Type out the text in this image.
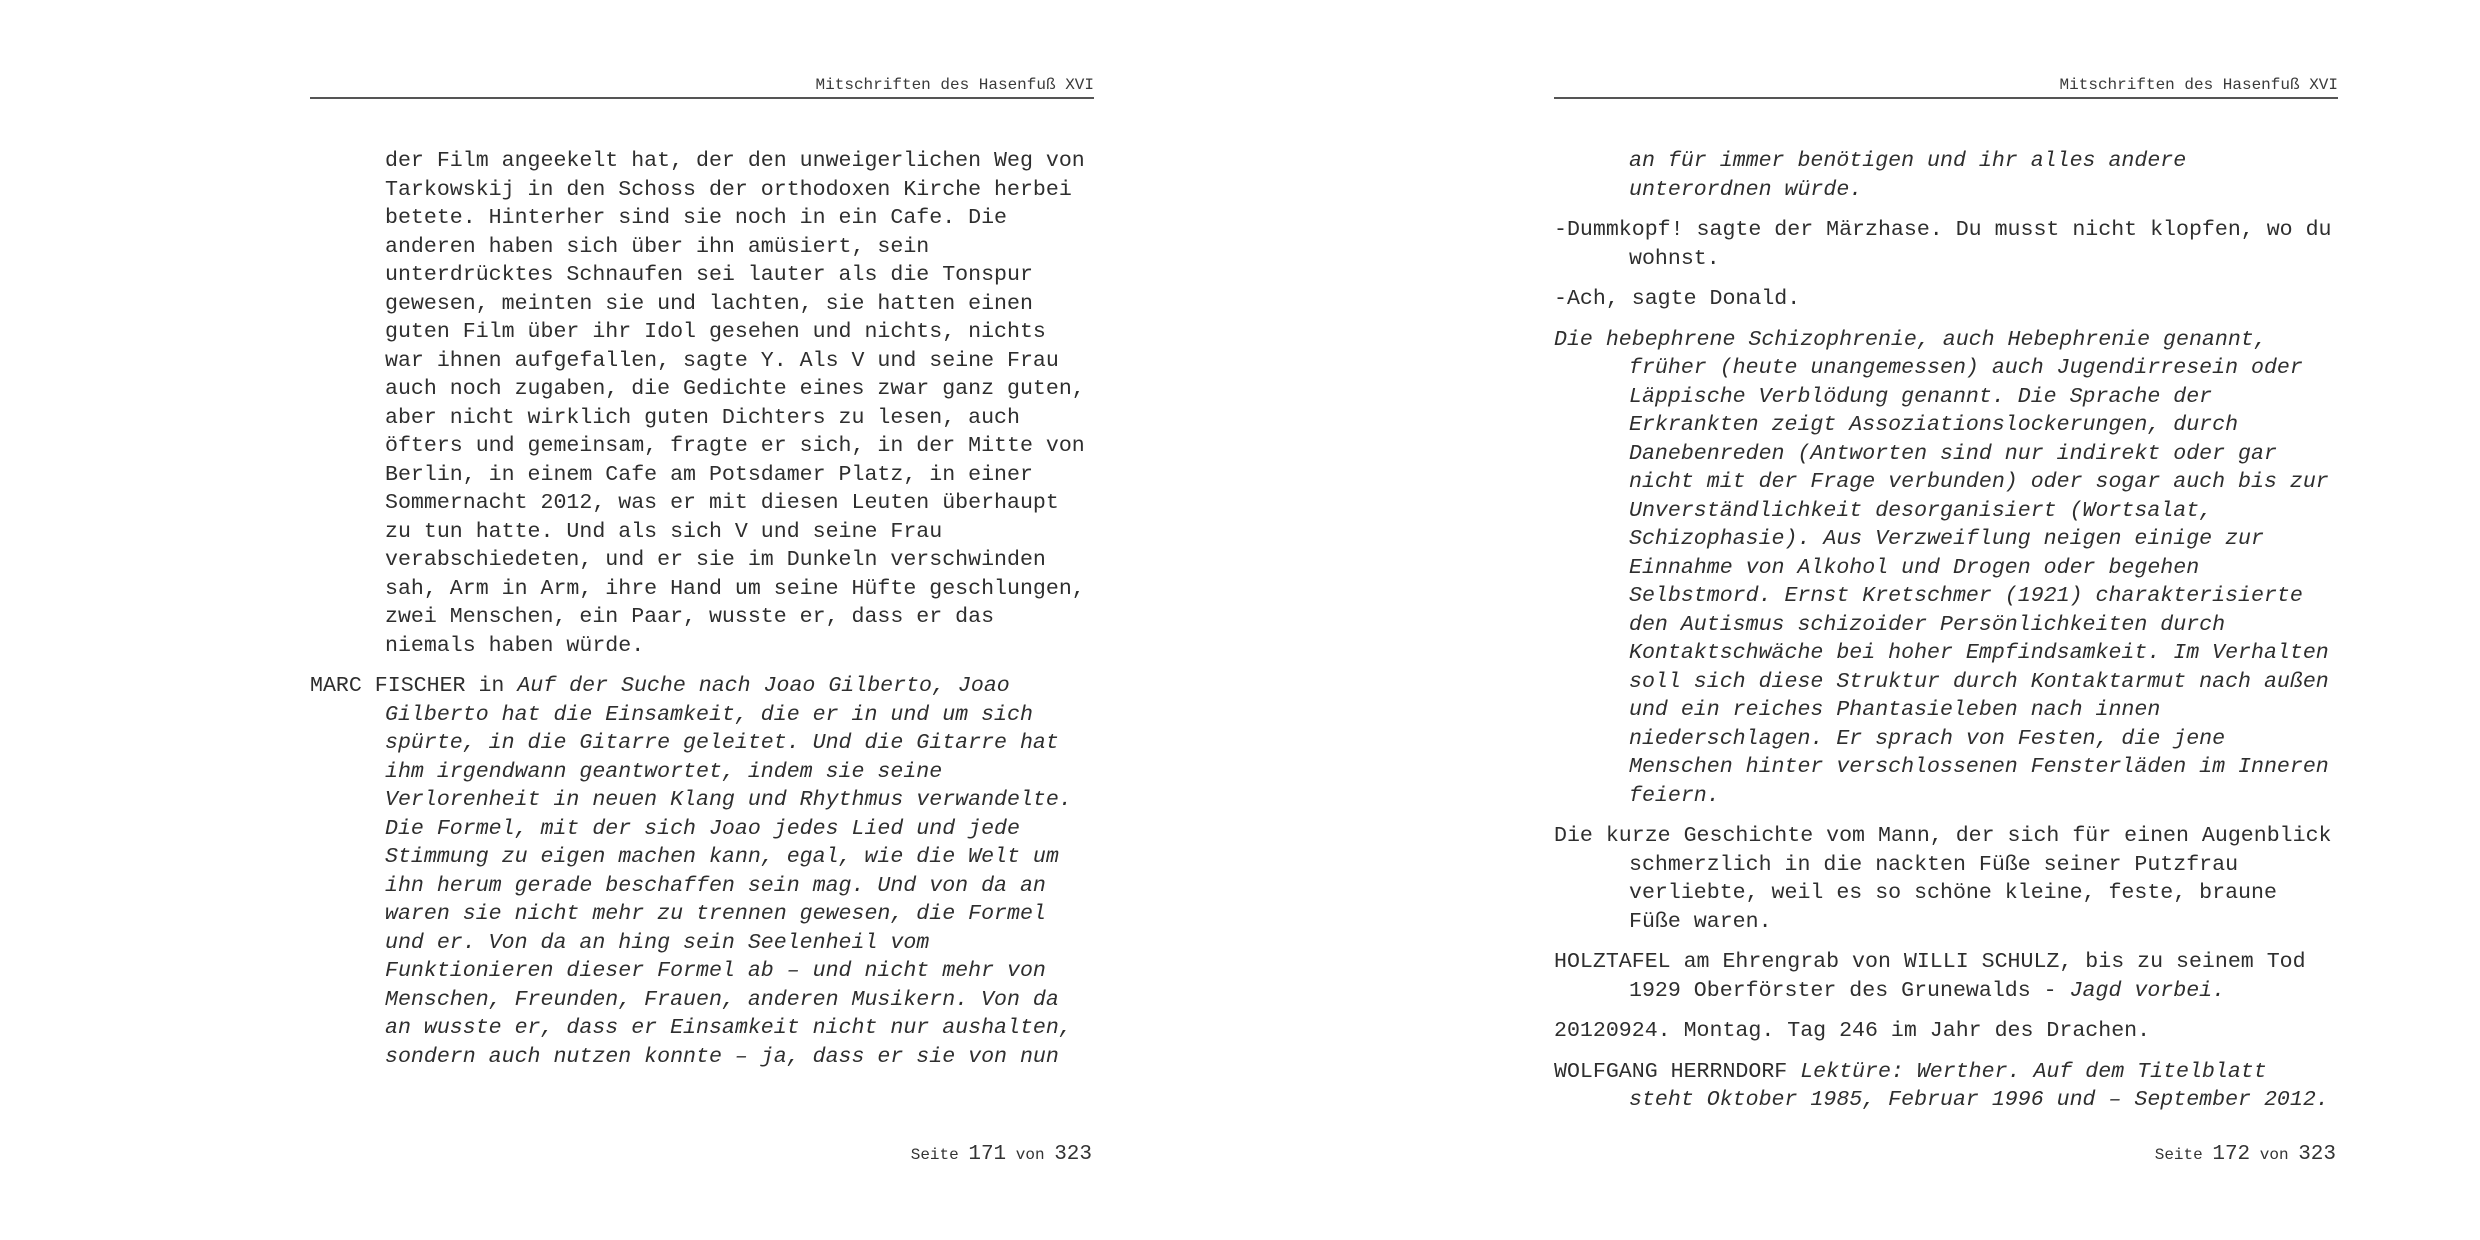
Mitschriften des Hasenfuß XVI

der Film angeekelt hat, der den unweigerlichen Weg von Tarkowskij in den Schoss der orthodoxen Kirche herbei betete. Hinterher sind sie noch in ein Cafe. Die anderen haben sich über ihn amüsiert, sein unterdrücktes Schnaufen sei lauter als die Tonspur gewesen, meinten sie und lachten, sie hatten einen guten Film über ihr Idol gesehen und nichts, nichts war ihnen aufgefallen, sagte Y. Als V und seine Frau auch noch zugaben, die Gedichte eines zwar ganz guten, aber nicht wirklich guten Dichters zu lesen, auch öfters und gemeinsam, fragte er sich, in der Mitte von Berlin, in einem Cafe am Potsdamer Platz, in einer Sommernacht 2012, was er mit diesen Leuten überhaupt zu tun hatte. Und als sich V und seine Frau verabschiedeten, und er sie im Dunkeln verschwinden sah, Arm in Arm, ihre Hand um seine Hüfte geschlungen, zwei Menschen, ein Paar, wusste er, dass er das niemals haben würde.

MARC FISCHER in Auf der Suche nach Joao Gilberto, Joao Gilberto hat die Einsamkeit, die er in und um sich spürte, in die Gitarre geleitet. Und die Gitarre hat ihm irgendwann geantwortet, indem sie seine Verlorenheit in neuen Klang und Rhythmus verwandelte. Die Formel, mit der sich Joao jedes Lied und jede Stimmung zu eigen machen kann, egal, wie die Welt um ihn herum gerade beschaffen sein mag. Und von da an waren sie nicht mehr zu trennen gewesen, die Formel und er. Von da an hing sein Seelenheil vom Funktionieren dieser Formel ab – und nicht mehr von Menschen, Freunden, Frauen, anderen Musikern. Von da an wusste er, dass er Einsamkeit nicht nur aushalten, sondern auch nutzen konnte – ja, dass er sie von nun

Seite 171 von 323
Mitschriften des Hasenfuß XVI

an für immer benötigen und ihr alles andere unterordnen würde.

-Dummkopf! sagte der Märzhase. Du musst nicht klopfen, wo du wohnst.

-Ach, sagte Donald.

Die hebephrene Schizophrenie, auch Hebephrenie genannt, früher (heute unangemessen) auch Jugendirresein oder Läppische Verblödung genannt. Die Sprache der Erkrankten zeigt Assoziationslockerungen, durch Danebenreden (Antworten sind nur indirekt oder gar nicht mit der Frage verbunden) oder sogar auch bis zur Unverständlichkeit desorganisiert (Wortsalat, Schizophasie). Aus Verzweiflung neigen einige zur Einnahme von Alkohol und Drogen oder begehen Selbstmord. Ernst Kretschmer (1921) charakterisierte den Autismus schizoider Persönlichkeiten durch Kontaktschwäche bei hoher Empfindsamkeit. Im Verhalten soll sich diese Struktur durch Kontaktarmut nach außen und ein reiches Phantasieleben nach innen niederschlagen. Er sprach von Festen, die jene Menschen hinter verschlossenen Fensterläden im Inneren feiern.

Die kurze Geschichte vom Mann, der sich für einen Augenblick schmerzlich in die nackten Füße seiner Putzfrau verliebte, weil es so schöne kleine, feste, braune Füße waren.

HOLZTAFEL am Ehrengrab von WILLI SCHULZ, bis zu seinem Tod 1929 Oberförster des Grunewalds - Jagd vorbei.

20120924. Montag. Tag 246 im Jahr des Drachen.

WOLFGANG HERRNDORF Lektüre: Werther. Auf dem Titelblatt steht Oktober 1985, Februar 1996 und – September 2012.

Seite 172 von 323
